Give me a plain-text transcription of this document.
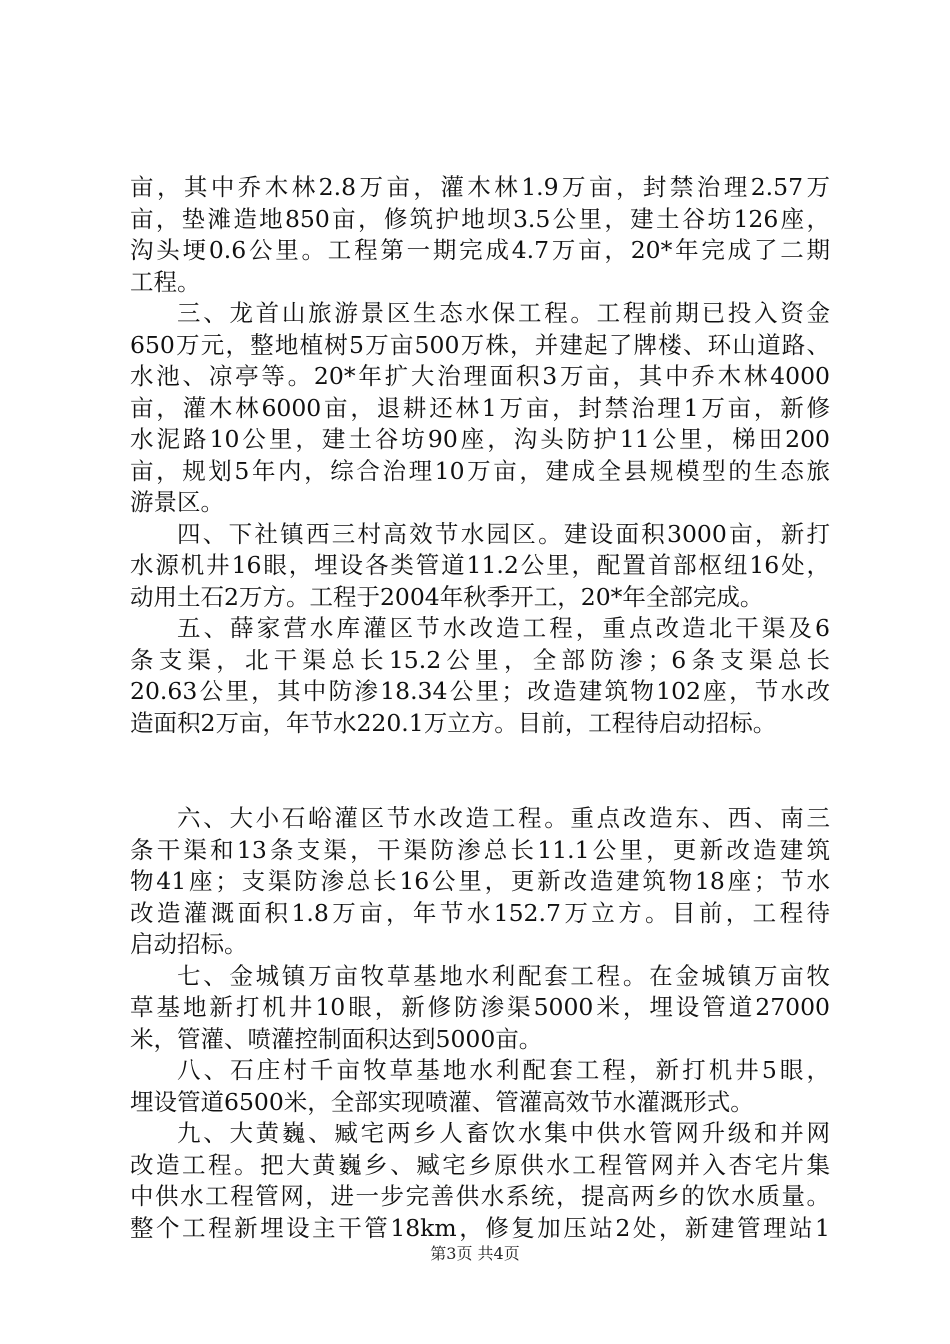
亩，其中乔木林2.8万亩，灌木林1.9万亩，封禁治理2.57万
亩，垫滩造地850亩，修筑护地坝3.5公里，建土谷坊126座，
沟头埂0.6公里。工程第一期完成4.7万亩，20*年完成了二期
工程。
三、龙首山旅游景区生态水保工程。工程前期已投入资金
650万元，整地植树5万亩500万株，并建起了牌楼、环山道路、
水池、凉亭等。20*年扩大治理面积3万亩，其中乔木林4000
亩，灌木林6000亩，退耕还林1万亩，封禁治理1万亩，新修
水泥路10公里，建土谷坊90座，沟头防护11公里，梯田200
亩，规划5年内，综合治理10万亩，建成全县规模型的生态旅
游景区。
四、下社镇西三村高效节水园区。建设面积3000亩，新打
水源机井16眼，埋设各类管道11.2公里，配置首部枢纽16处，
动用土石2万方。工程于2004年秋季开工，20*年全部完成。
五、薛家营水库灌区节水改造工程，重点改造北干渠及6
条支渠，北干渠总长15.2公里，全部防渗；6条支渠总长
20.63公里，其中防渗18.34公里；改造建筑物102座，节水改
造面积2万亩，年节水220.1万立方。目前，工程待启动招标。
六、大小石峪灌区节水改造工程。重点改造东、西、南三
条干渠和13条支渠，干渠防渗总长11.1公里，更新改造建筑
物41座；支渠防渗总长16公里，更新改造建筑物18座；节水
改造灌溉面积1.8万亩，年节水152.7万立方。目前，工程待
启动招标。
七、金城镇万亩牧草基地水利配套工程。在金城镇万亩牧
草基地新打机井10眼，新修防渗渠5000米，埋设管道27000
米，管灌、喷灌控制面积达到5000亩。
八、石庄村千亩牧草基地水利配套工程，新打机井5眼，
埋设管道6500米，全部实现喷灌、管灌高效节水灌溉形式。
九、大黄巍、臧宅两乡人畜饮水集中供水管网升级和并网
改造工程。把大黄巍乡、臧宅乡原供水工程管网并入杏宅片集
中供水工程管网，进一步完善供水系统，提高两乡的饮水质量。
整个工程新埋设主干管18km，修复加压站2处，新建管理站1
第3页 共4页
